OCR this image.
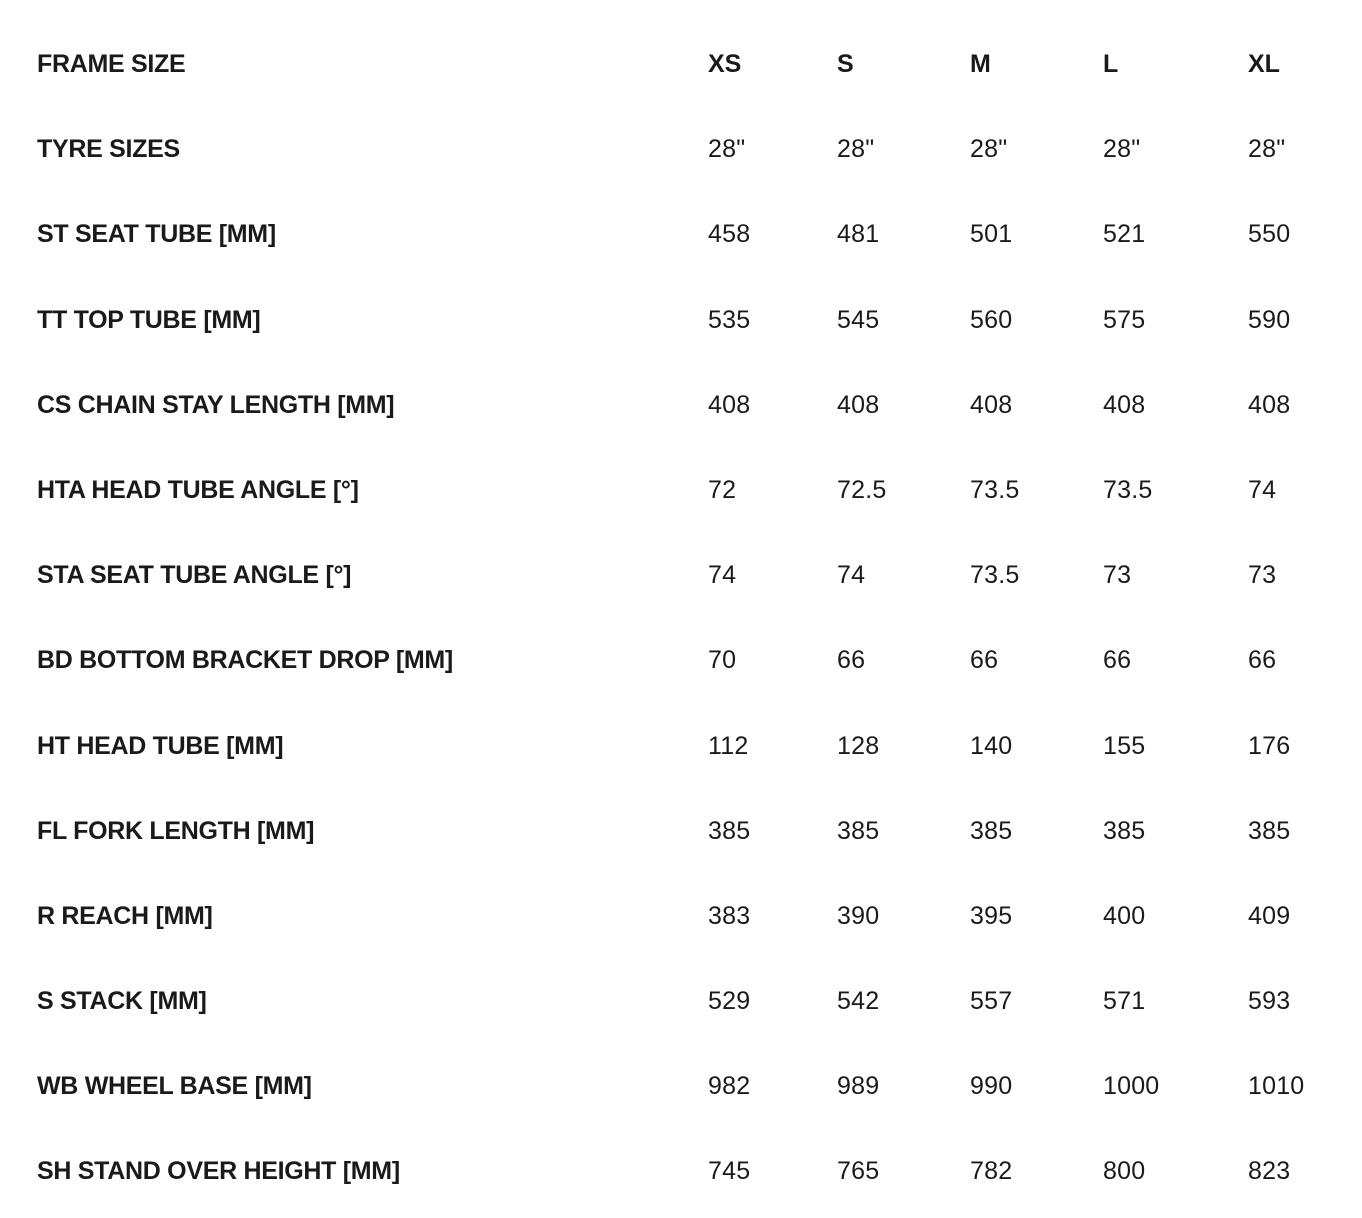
FRAME SIZE	XS	S	M	L	XL
TYRE SIZES	28"	28"	28"	28"	28"
ST SEAT TUBE [MM]	458	481	501	521	550
TT TOP TUBE [MM]	535	545	560	575	590
CS CHAIN STAY LENGTH [MM]	408	408	408	408	408
HTA HEAD TUBE ANGLE [°]	72	72.5	73.5	73.5	74
STA SEAT TUBE ANGLE [°]	74	74	73.5	73	73
BD BOTTOM BRACKET DROP [MM]	70	66	66	66	66
HT HEAD TUBE [MM]	112	128	140	155	176
FL FORK LENGTH [MM]	385	385	385	385	385
R REACH [MM]	383	390	395	400	409
S STACK [MM]	529	542	557	571	593
WB WHEEL BASE [MM]	982	989	990	1000	1010
SH STAND OVER HEIGHT [MM]	745	765	782	800	823
